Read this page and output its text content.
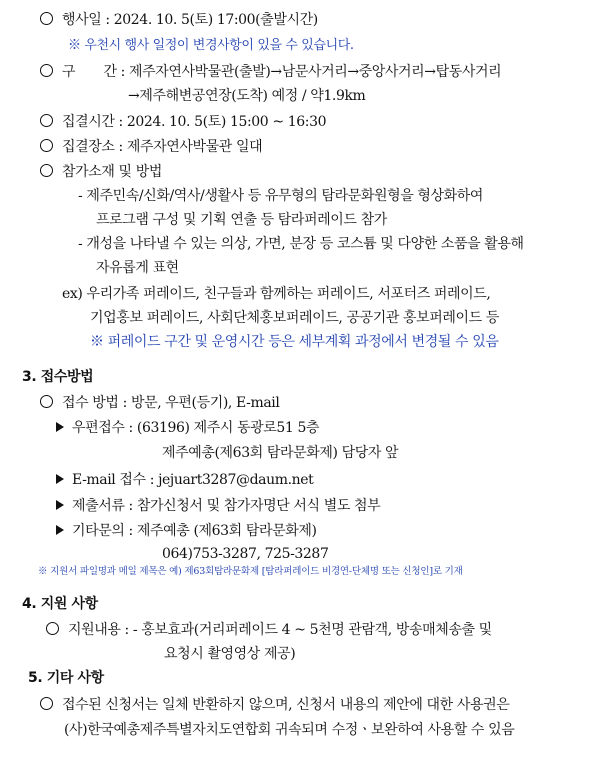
행사일 : 2024. 10. 5(토) 17:00(출발시간)
※ 우천시 행사 일정이 변경사항이 있을 수 있습니다.
구       간 : 제주자연사박물관(출발)→남문사거리→중앙사거리→탑동사거리
→제주해변공연장(도착) 예정 / 약1.9km
집결시간 : 2024. 10. 5(토) 15:00 ~ 16:30
집결장소 : 제주자연사박물관 일대
참가소재 및 방법
- 제주민속/신화/역사/생활사 등 유무형의 탐라문화원형을 형상화하여
프로그램 구성 및 기획 연출 등 탐라퍼레이드 참가
- 개성을 나타낼 수 있는 의상, 가면, 분장 등 코스튬 및 다양한 소품을 활용해
자유롭게 표현
ex) 우리가족 퍼레이드, 친구들과 함께하는 퍼레이드, 서포터즈 퍼레이드,
기업홍보 퍼레이드, 사회단체홍보퍼레이드, 공공기관 홍보퍼레이드 등
※ 퍼레이드 구간 및 운영시간 등은 세부계획 과정에서 변경될 수 있음
3. 접수방법
접수 방법 : 방문, 우편(등기), E-mail
우편접수 : (63196) 제주시 동광로51 5층
제주예총(제63회 탐라문화제) 담당자 앞
E-mail 접수 : jejuart3287@daum.net
제출서류 : 참가신청서 및 참가자명단 서식 별도 첨부
기타문의 : 제주예총 (제63회 탐라문화제)
064)753-3287, 725-3287
※ 지원서 파일명과 메일 제목은 예) 제63회탐라문화제 [탐라퍼레이드 비경연-단체명 또는 신청인]로 기재
4. 지원 사항
지원내용 : - 홍보효과(거리퍼레이드 4 ~ 5천명 관람객, 방송매체송출 및
요청시 촬영영상 제공)
5. 기타 사항
접수된 신청서는 일체 반환하지 않으며, 신청서 내용의 제안에 대한 사용권은
(사)한국예총제주특별자치도연합회 귀속되며 수정ㆍ보완하여 사용할 수 있음
